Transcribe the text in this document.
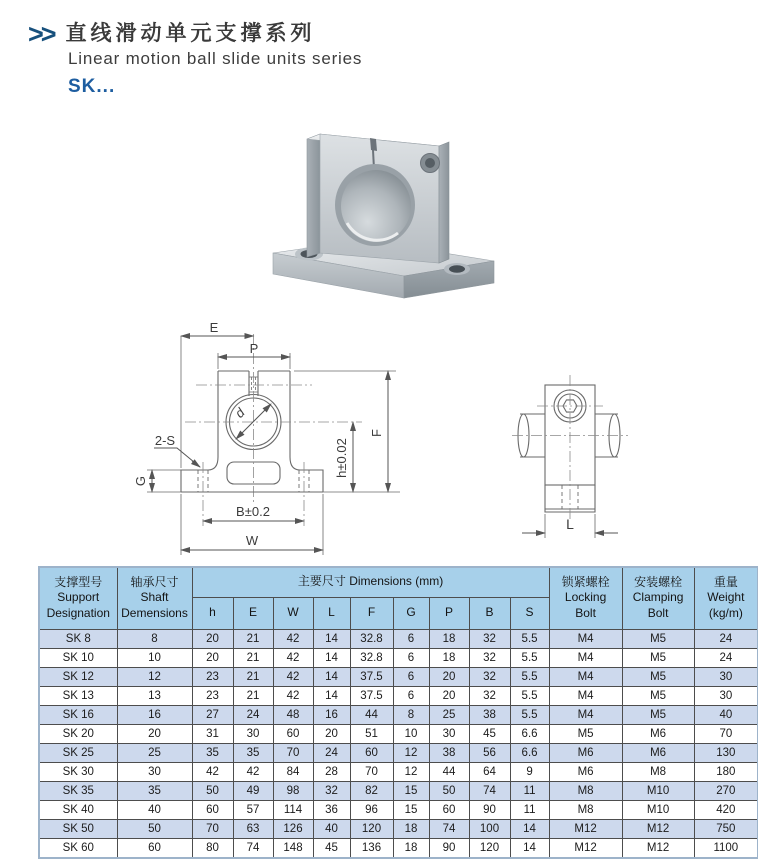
>> 直线滑动单元支撑系列
Linear motion ball slide units series
SK...
E
P
d
2-S
G
h±0.02
F
B±0.2
W
L
支撑型号
Support
Designation

轴承尺寸
Shaft
Demensions
	主要尺寸 Dimensions (mm)	锁紧螺栓
Locking
Bolt

安装螺栓
Clamping
Bolt

重量
Weight
(kg/m)

		h	E	W	L	F	G	P	B	S			
SK 8	8	20	21	42	14	32.8	6	18	32	5.5	M4	M5	24
SK 10	10	20	21	42	14	32.8	6	18	32	5.5	M4	M5	24
SK 12	12	23	21	42	14	37.5	6	20	32	5.5	M4	M5	30
SK 13	13	23	21	42	14	37.5	6	20	32	5.5	M4	M5	30
SK 16	16	27	24	48	16	44	8	25	38	5.5	M4	M5	40
SK 20	20	31	30	60	20	51	10	30	45	6.6	M5	M6	70
SK 25	25	35	35	70	24	60	12	38	56	6.6	M6	M6	130
SK 30	30	42	42	84	28	70	12	44	64	9	M6	M8	180
SK 35	35	50	49	98	32	82	15	50	74	11	M8	M10	270
SK 40	40	60	57	114	36	96	15	60	90	11	M8	M10	420
SK 50	50	70	63	126	40	120	18	74	100	14	M12	M12	750
SK 60	60	80	74	148	45	136	18	90	120	14	M12	M12	1100
